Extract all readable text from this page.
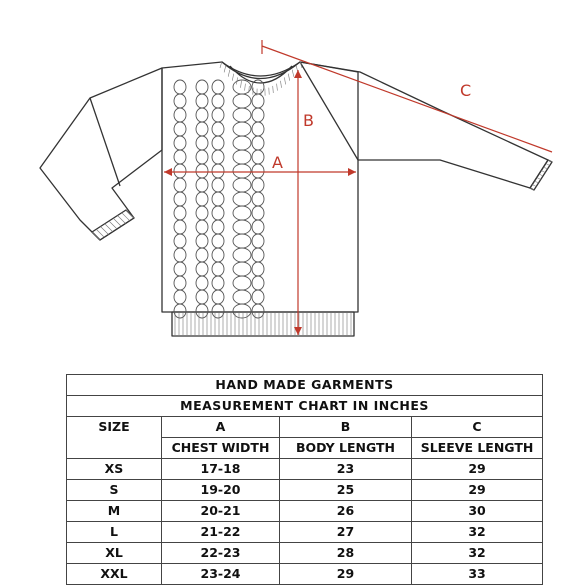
A
B
C
HAND MADE GARMENTS			
MEASUREMENT CHART IN INCHES			
SIZE	A	B	C
	CHEST WIDTH	BODY LENGTH	SLEEVE LENGTH
XS	17-18	23	29
S	19-20	25	29
M	20-21	26	30
L	21-22	27	32
XL	22-23	28	32
XXL	23-24	29	33
